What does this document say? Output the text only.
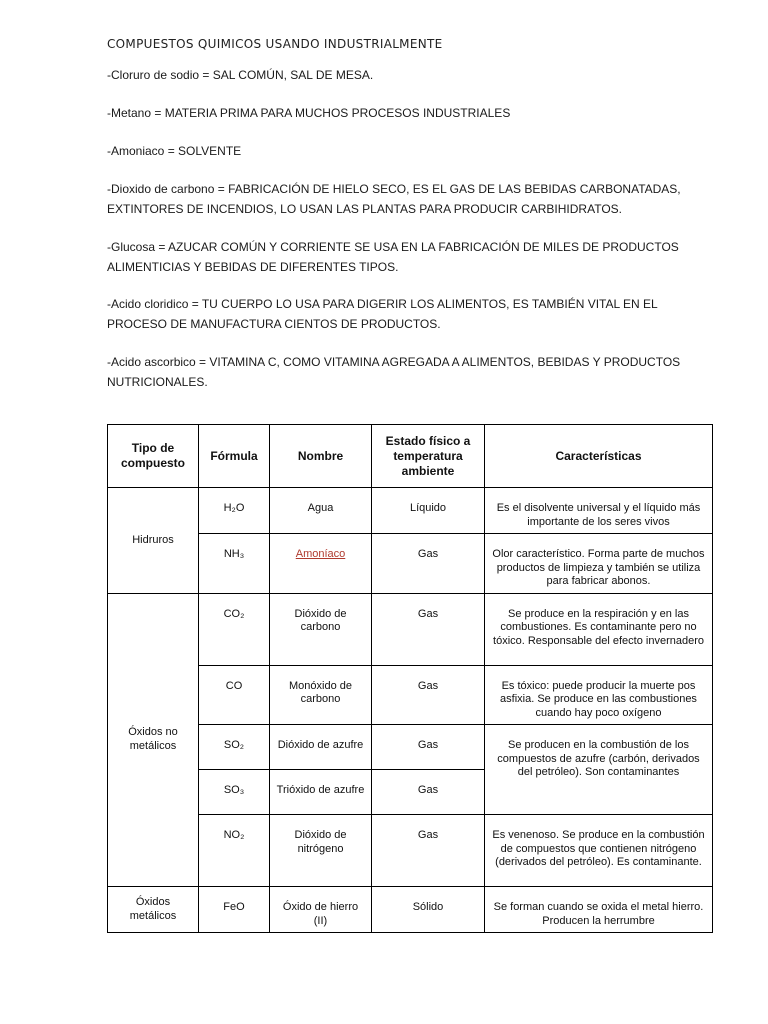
COMPUESTOS QUIMICOS USANDO INDUSTRIALMENTE
-Cloruro de sodio = SAL COMÚN, SAL DE MESA.
-Metano = MATERIA PRIMA PARA MUCHOS PROCESOS INDUSTRIALES
-Amoniaco = SOLVENTE
-Dioxido de carbono = FABRICACIÓN DE HIELO SECO, ES EL GAS DE LAS BEBIDAS CARBONATADAS, EXTINTORES DE INCENDIOS, LO USAN LAS PLANTAS PARA PRODUCIR CARBIHIDRATOS.
-Glucosa = AZUCAR COMÚN Y CORRIENTE SE USA EN LA FABRICACIÓN DE MILES DE PRODUCTOS ALIMENTICIAS Y BEBIDAS DE DIFERENTES TIPOS.
-Acido cloridico = TU CUERPO LO USA PARA DIGERIR LOS ALIMENTOS, ES TAMBIÉN VITAL EN EL PROCESO DE MANUFACTURA CIENTOS DE PRODUCTOS.
-Acido ascorbico = VITAMINA C, COMO VITAMINA AGREGADA A ALIMENTOS, BEBIDAS Y PRODUCTOS NUTRICIONALES.
Tipo de compuesto	Fórmula	Nombre	Estado físico a temperatura ambiente	Características
Hidruros	H₂O	Agua	Líquido	Es el disolvente universal y el líquido más importante de los seres vivos
	NH₃	Amoníaco	Gas	Olor característico. Forma parte de muchos productos de limpieza y también se utiliza para fabricar abonos.
Óxidos no metálicos	CO₂	Dióxido de carbono	Gas	Se produce en la respiración y en las combustiones. Es contaminante pero no tóxico. Responsable del efecto invernadero
	CO	Monóxido de carbono	Gas	Es tóxico: puede producir la muerte pos asfixia. Se produce en las combustiones cuando hay poco oxígeno
	SO₂	Dióxido de azufre	Gas	Se producen en la combustión de los compuestos de azufre (carbón, derivados del petróleo). Son contaminantes
	SO₃	Trióxido de azufre	Gas	
	NO₂	Dióxido de nitrógeno	Gas	Es venenoso. Se produce en la combustión de compuestos que contienen nitrógeno (derivados del petróleo). Es contaminante.
Óxidos metálicos	FeO	Óxido de hierro (II)	Sólido	Se forman cuando se oxida el metal hierro. Producen la herrumbre
